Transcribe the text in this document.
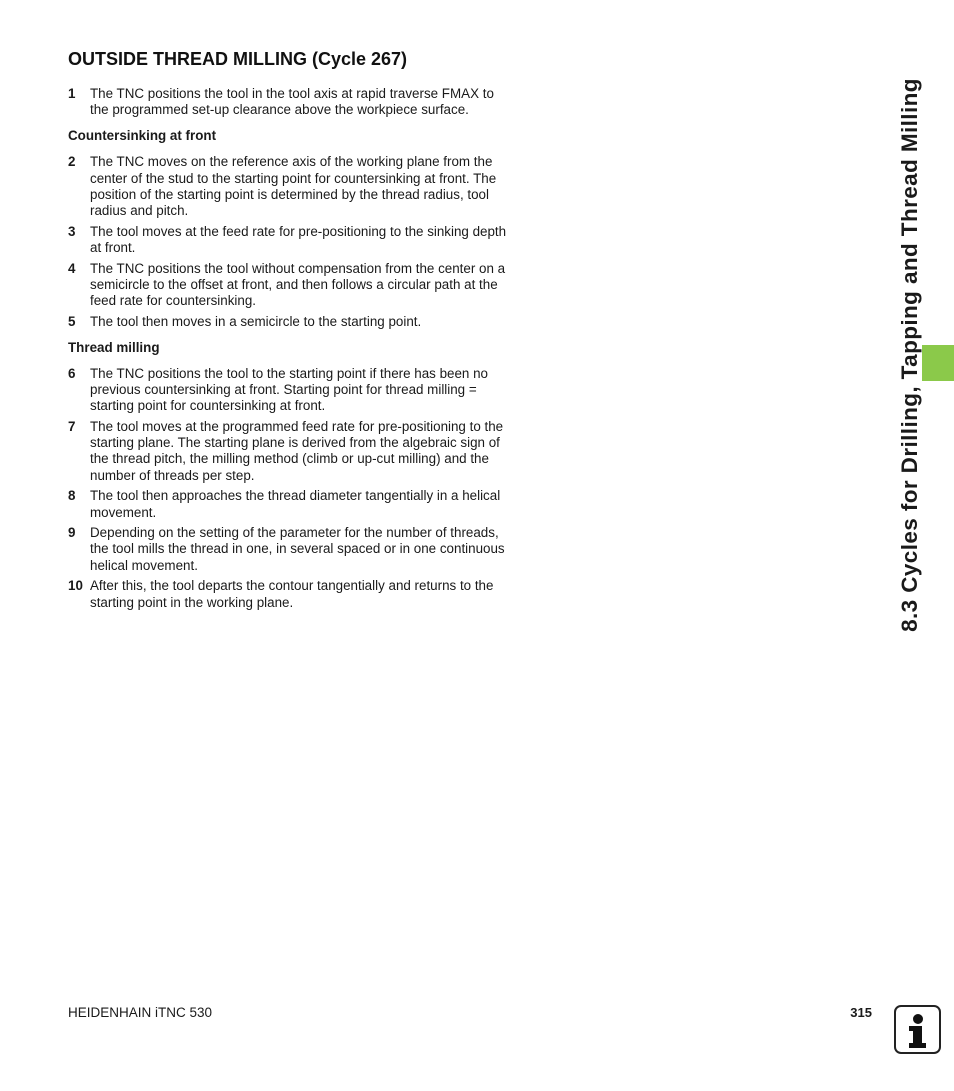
OUTSIDE THREAD MILLING (Cycle 267)
1	The TNC positions the tool in the tool axis at rapid traverse FMAX to the programmed set-up clearance above the workpiece surface.
Countersinking at front
2	The TNC moves on the reference axis of the working plane from the center of the stud to the starting point for countersinking at front. The position of the starting point is determined by the thread radius, tool radius and pitch.
3	The tool moves at the feed rate for pre-positioning to the sinking depth at front.
4	The TNC positions the tool without compensation from the center on a semicircle to the offset at front, and then follows a circular path at the feed rate for countersinking.
5	The tool then moves in a semicircle to the starting point.
Thread milling
6	The TNC positions the tool to the starting point if there has been no previous countersinking at front. Starting point for thread milling = starting point for countersinking at front.
7	The tool moves at the programmed feed rate for pre-positioning to the starting plane. The starting plane is derived from the algebraic sign of the thread pitch, the milling method (climb or up-cut milling) and the number of threads per step.
8	The tool then approaches the thread diameter tangentially in a helical movement.
9	Depending on the setting of the parameter for the number of threads, the tool mills the thread in one, in several spaced or in one continuous helical movement.
10 After this, the tool departs the contour tangentially and returns to the starting point in the working plane.	8.3 Cycles for Drilling, Tapping and Thread Milling
HEIDENHAIN iTNC 530	315
